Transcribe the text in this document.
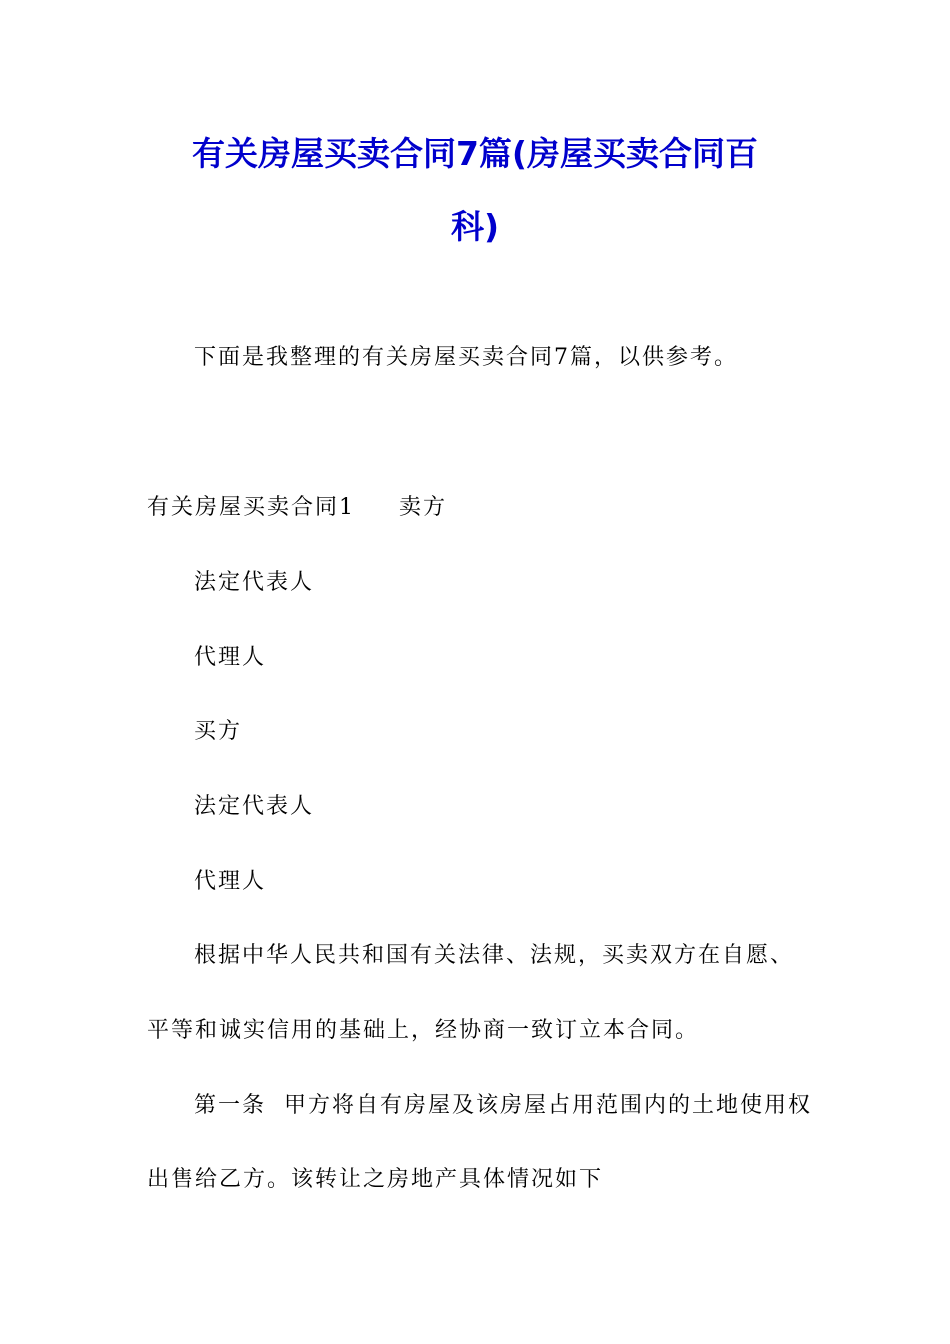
有关房屋买卖合同7篇(房屋买卖合同百
科)
下面是我整理的有关房屋买卖合同7篇，以供参考。
有关房屋买卖合同1 卖方
法定代表人
代理人
买方
法定代表人
代理人
根据中华人民共和国有关法律、法规，买卖双方在自愿、
平等和诚实信用的基础上，经协商一致订立本合同。
第一条  甲方将自有房屋及该房屋占用范围内的土地使用权
出售给乙方。该转让之房地产具体情况如下
